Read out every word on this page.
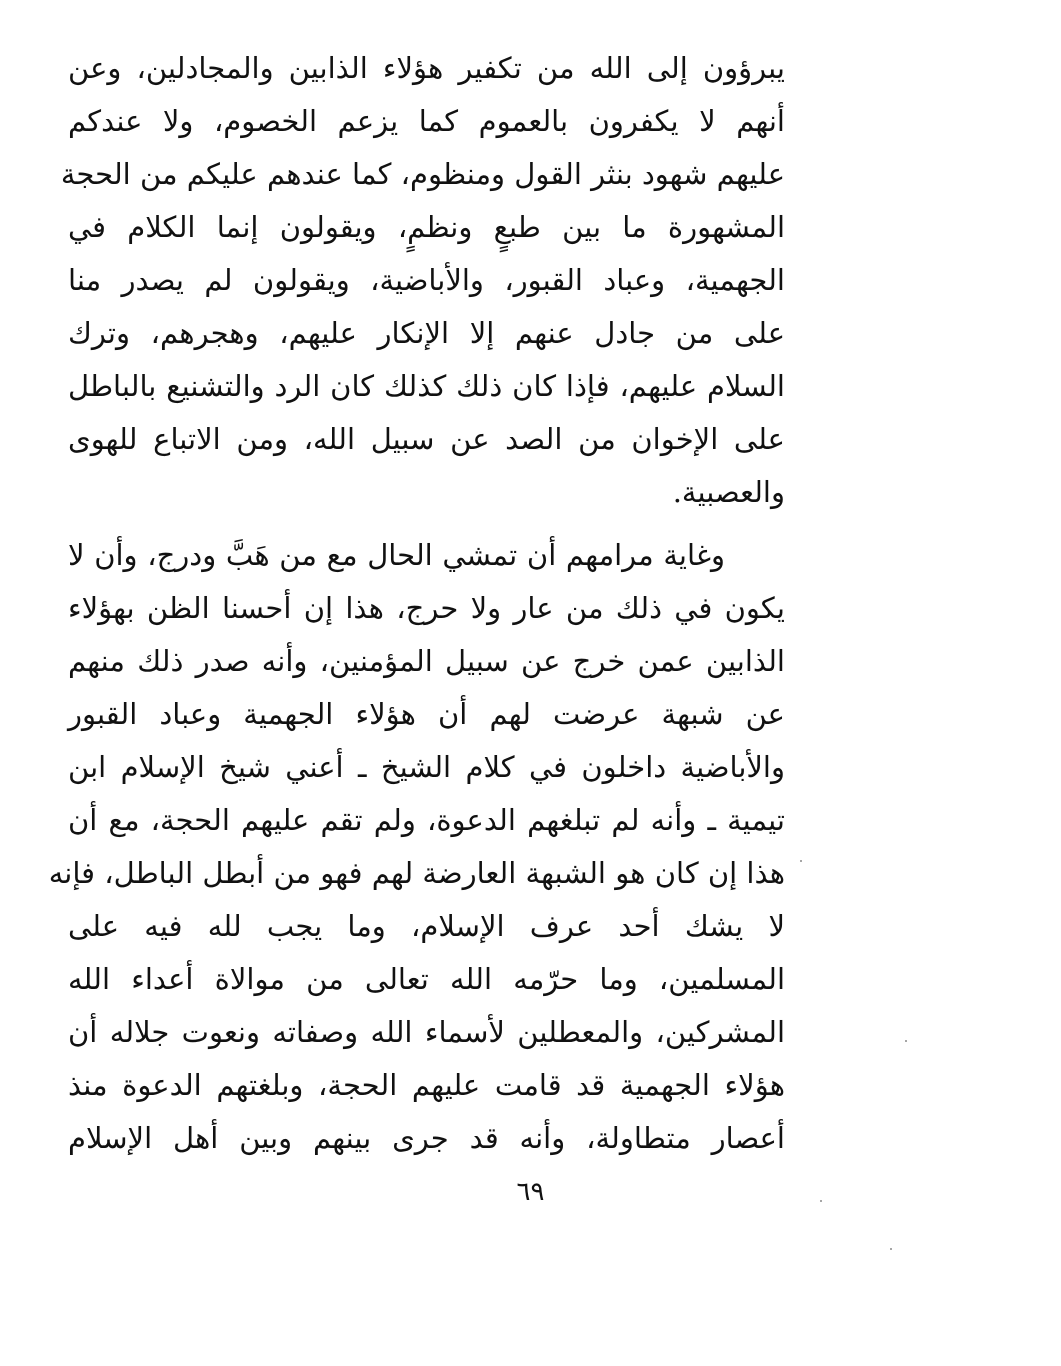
يبرؤون إلى الله من تكفير هؤلاء الذابين والمجادلين، وعن
أنهم لا يكفرون بالعموم كما يزعم الخصوم، ولا عندكم
عليهم شهود بنثر القول ومنظوم، كما عندهم عليكم من الحجة
المشهورة ما بين طبعٍ ونظمٍ، ويقولون إنما الكلام في
الجهمية، وعباد القبور، والأباضية، ويقولون لم يصدر منا
على من جادل عنهم إلا الإنكار عليهم، وهجرهم، وترك
السلام عليهم، فإذا كان ذلك كذلك كان الرد والتشنيع بالباطل
على الإخوان من الصد عن سبيل الله، ومن الاتباع للهوى
والعصبية.
وغاية مرامهم أن تمشي الحال مع من هَبَّ ودرج، وأن لا
يكون في ذلك من عار ولا حرج، هذا إن أحسنا الظن بهؤلاء
الذابين عمن خرج عن سبيل المؤمنين، وأنه صدر ذلك منهم
عن شبهة عرضت لهم أن هؤلاء الجهمية وعباد القبور
والأباضية داخلون في كلام الشيخ ـ أعني شيخ الإسلام ابن
تيمية ـ وأنه لم تبلغهم الدعوة، ولم تقم عليهم الحجة، مع أن
هذا إن كان هو الشبهة العارضة لهم فهو من أبطل الباطل، فإنه
لا يشك أحد عرف الإسلام، وما يجب لله فيه على
المسلمين، وما حرّمه الله تعالى من موالاة أعداء الله
المشركين، والمعطلين لأسماء الله وصفاته ونعوت جلاله أن
هؤلاء الجهمية قد قامت عليهم الحجة، وبلغتهم الدعوة منذ
أعصار متطاولة، وأنه قد جرى بينهم وبين أهل الإسلام
٦٩
